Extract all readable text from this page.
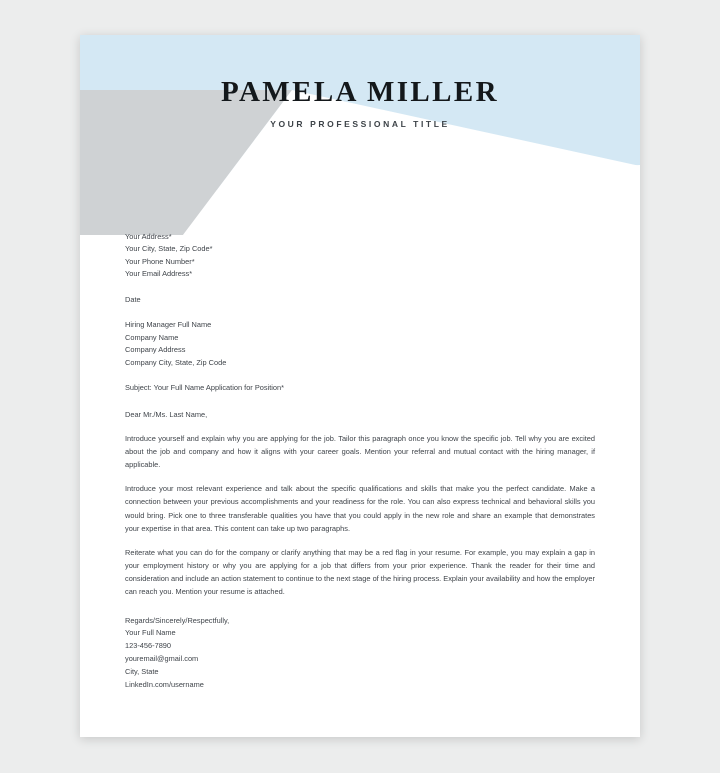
PAMELA MILLER
YOUR PROFESSIONAL TITLE
Your Address*
Your City, State, Zip Code*
Your Phone Number*
Your Email Address*
Date
Hiring Manager Full Name
Company Name
Company Address
Company City, State, Zip Code
Subject: Your Full Name Application for Position*
Dear Mr./Ms. Last Name,
Introduce yourself and explain why you are applying for the job. Tailor this paragraph once you know the specific job. Tell why you are excited about the job and company and how it aligns with your career goals. Mention your referral and mutual contact with the hiring manager, if applicable.
Introduce your most relevant experience and talk about the specific qualifications and skills that make you the perfect candidate. Make a connection between your previous accomplishments and your readiness for the role. You can also express technical and behavioral skills you would bring. Pick one to three transferable qualities you have that you could apply in the new role and share an example that demonstrates your expertise in that area. This content can take up two paragraphs.
Reiterate what you can do for the company or clarify anything that may be a red flag in your resume. For example, you may explain a gap in your employment history or why you are applying for a job that differs from your prior experience. Thank the reader for their time and consideration and include an action statement to continue to the next stage of the hiring process. Explain your availability and how the employer can reach you. Mention your resume is attached.
Regards/Sincerely/Respectfully,
Your Full Name
123-456-7890
youremail@gmail.com
City, State
LinkedIn.com/username
